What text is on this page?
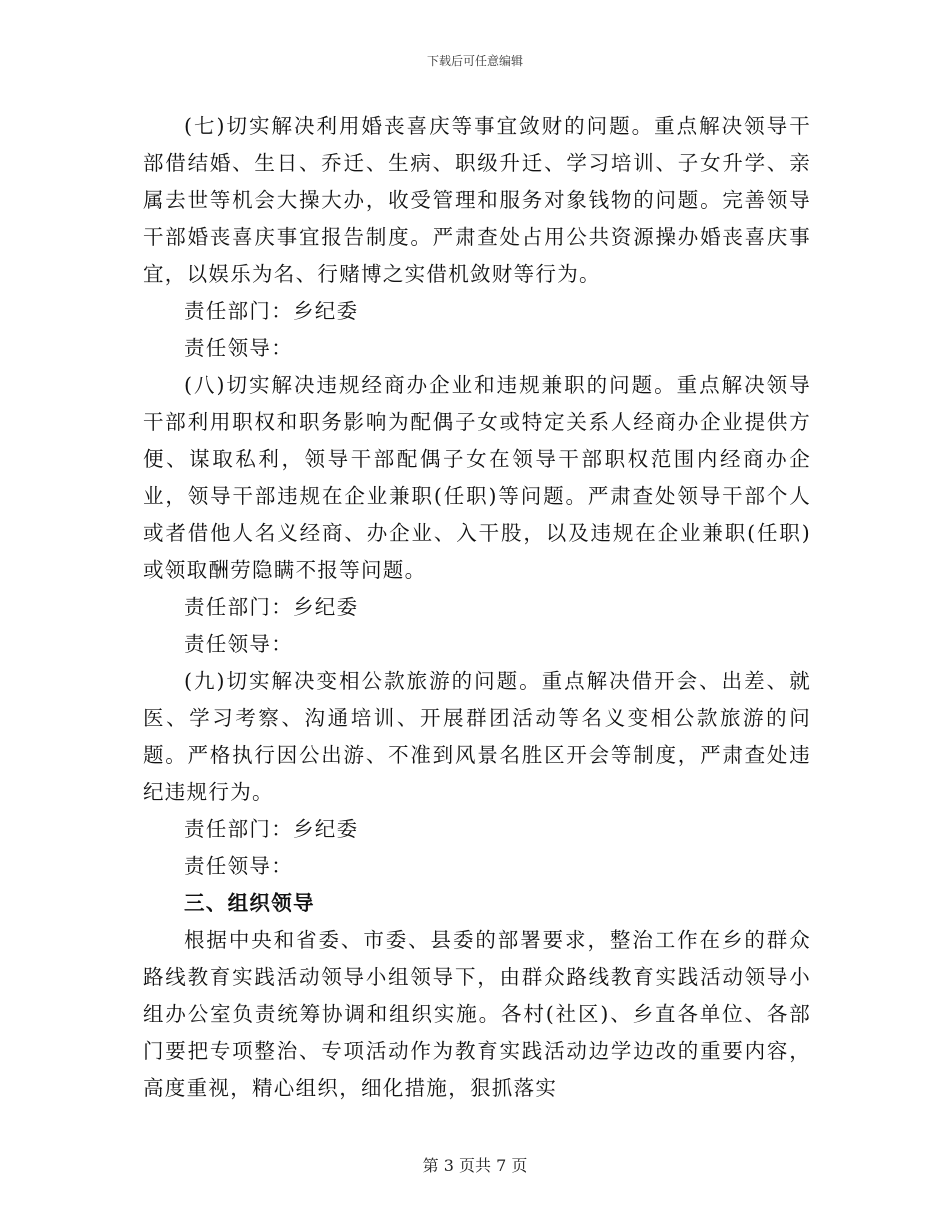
下载后可任意编辑

(七)切实解决利用婚丧喜庆等事宜敛财的问题。重点解决领导干部借结婚、生日、乔迁、生病、职级升迁、学习培训、子女升学、亲属去世等机会大操大办，收受管理和服务对象钱物的问题。完善领导干部婚丧喜庆事宜报告制度。严肃查处占用公共资源操办婚丧喜庆事宜，以娱乐为名、行赌博之实借机敛财等行为。

责任部门：乡纪委

责任领导：

(八)切实解决违规经商办企业和违规兼职的问题。重点解决领导干部利用职权和职务影响为配偶子女或特定关系人经商办企业提供方便、谋取私利，领导干部配偶子女在领导干部职权范围内经商办企业，领导干部违规在企业兼职(任职)等问题。严肃查处领导干部个人或者借他人名义经商、办企业、入干股，以及违规在企业兼职(任职)或领取酬劳隐瞒不报等问题。

责任部门：乡纪委

责任领导：

(九)切实解决变相公款旅游的问题。重点解决借开会、出差、就医、学习考察、沟通培训、开展群团活动等名义变相公款旅游的问题。严格执行因公出游、不准到风景名胜区开会等制度，严肃查处违纪违规行为。

责任部门：乡纪委

责任领导：

三、组织领导

根据中央和省委、市委、县委的部署要求，整治工作在乡的群众路线教育实践活动领导小组领导下，由群众路线教育实践活动领导小组办公室负责统筹协调和组织实施。各村(社区)、乡直各单位、各部门要把专项整治、专项活动作为教育实践活动边学边改的重要内容，高度重视，精心组织，细化措施，狠抓落实

第 3 页共 7 页
